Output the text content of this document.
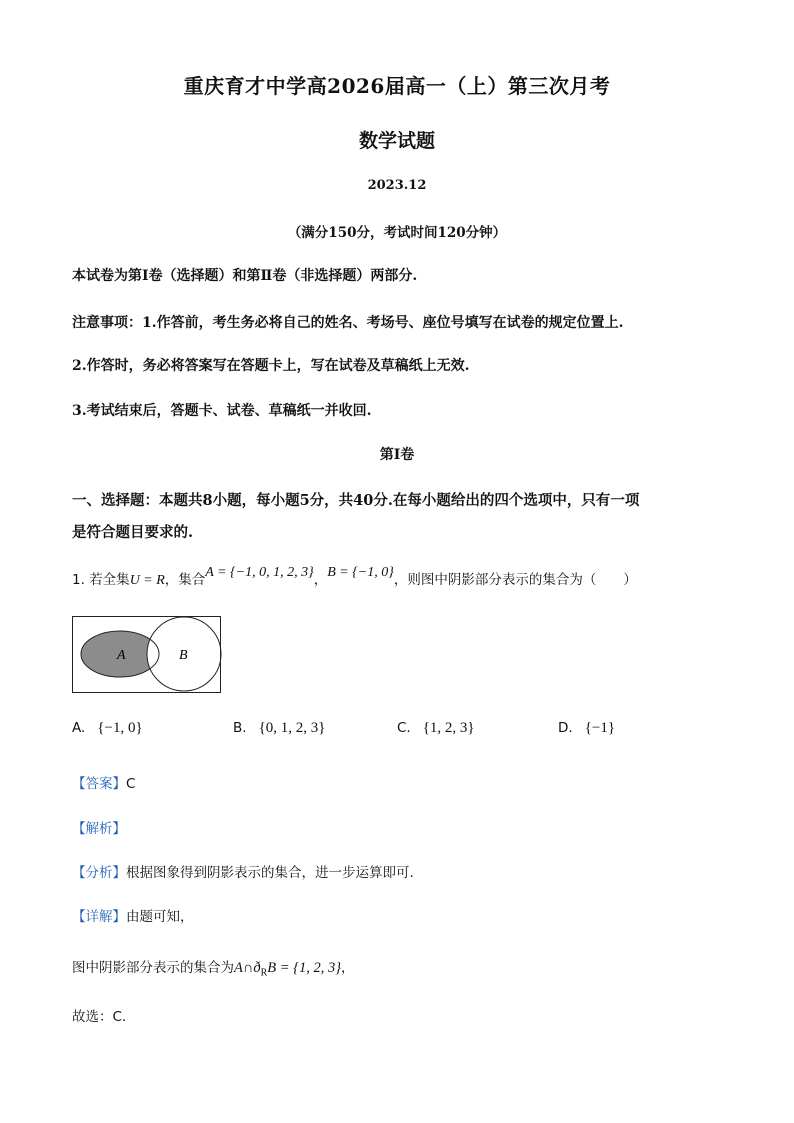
重庆育才中学高2026届高一（上）第三次月考
数学试题
2023.12
（满分150分，考试时间120分钟）
本试卷为第Ⅰ卷（选择题）和第Ⅱ卷（非选择题）两部分.
注意事项：1.作答前，考生务必将自己的姓名、考场号、座位号填写在试卷的规定位置上.
2.作答时，务必将答案写在答题卡上，写在试卷及草稿纸上无效.
3.考试结束后，答题卡、试卷、草稿纸一并收回.
第Ⅰ卷
一、选择题：本题共8小题，每小题5分，共40分.在每小题给出的四个选项中，只有一项
是符合题目要求的.
1. 若全集U = R，集合A = {−1, 0, 1, 2, 3}，B = {−1, 0}，则图中阴影部分表示的集合为（　　）
A	B
A. {−1, 0}	B. {0, 1, 2, 3}	C. {1, 2, 3}	D. {−1}
【答案】C
【解析】
【分析】根据图象得到阴影表示的集合，进一步运算即可.
【详解】由题可知，
图中阴影部分表示的集合为$A\cap ð_RB = \{1$, 2, 3}，
故选：C.
